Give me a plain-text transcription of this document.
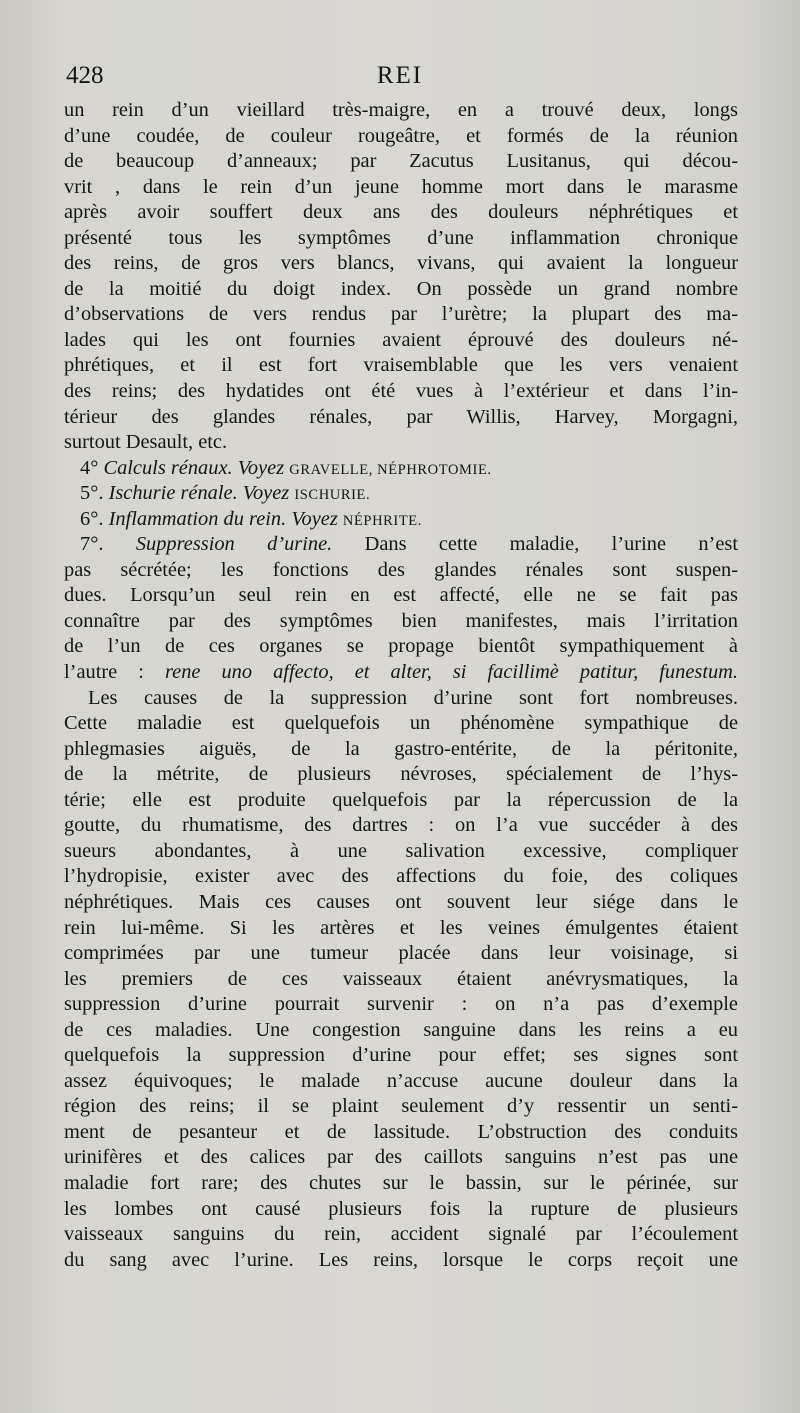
428	REI
un rein d’un vieillard très-maigre, en a trouvé deux, longs
d’une coudée, de couleur rougeâtre, et formés de la réunion
de beaucoup d’anneaux; par Zacutus Lusitanus, qui décou-
vrit , dans le rein d’un jeune homme mort dans le marasme
après avoir souffert deux ans des douleurs néphrétiques et
présenté tous les symptômes d’une inflammation chronique
des reins, de gros vers blancs, vivans, qui avaient la longueur
de la moitié du doigt index. On possède un grand nombre
d’observations de vers rendus par l’urètre; la plupart des ma-
lades qui les ont fournies avaient éprouvé des douleurs né-
phrétiques, et il est fort vraisemblable que les vers venaient
des reins; des hydatides ont été vues à l’extérieur et dans l’in-
térieur des glandes rénales, par Willis, Harvey, Morgagni,
surtout Desault, etc.
4° Calculs rénaux. Voyez GRAVELLE, NÉPHROTOMIE.
5°. Ischurie rénale. Voyez ISCHURIE.
6°. Inflammation du rein. Voyez NÉPHRITE.
7°. Suppression d’urine. Dans cette maladie, l’urine n’est
pas sécrétée; les fonctions des glandes rénales sont suspen-
dues. Lorsqu’un seul rein en est affecté, elle ne se fait pas
connaître par des symptômes bien manifestes, mais l’irritation
de l’un de ces organes se propage bientôt sympathiquement à
l’autre : rene uno affecto, et alter, si facillimè patitur, funestum.
Les causes de la suppression d’urine sont fort nombreuses.
Cette maladie est quelquefois un phénomène sympathique de
phlegmasies aiguës, de la gastro-entérite, de la péritonite,
de la métrite, de plusieurs névroses, spécialement de l’hys-
térie; elle est produite quelquefois par la répercussion de la
goutte, du rhumatisme, des dartres : on l’a vue succéder à des
sueurs abondantes, à une salivation excessive, compliquer
l’hydropisie, exister avec des affections du foie, des coliques
néphrétiques. Mais ces causes ont souvent leur siége dans le
rein lui-même. Si les artères et les veines émulgentes étaient
comprimées par une tumeur placée dans leur voisinage, si
les premiers de ces vaisseaux étaient anévrysmatiques, la
suppression d’urine pourrait survenir : on n’a pas d’exemple
de ces maladies. Une congestion sanguine dans les reins a eu
quelquefois la suppression d’urine pour effet; ses signes sont
assez équivoques; le malade n’accuse aucune douleur dans la
région des reins; il se plaint seulement d’y ressentir un senti-
ment de pesanteur et de lassitude. L’obstruction des conduits
urinifères et des calices par des caillots sanguins n’est pas une
maladie fort rare; des chutes sur le bassin, sur le périnée, sur
les lombes ont causé plusieurs fois la rupture de plusieurs
vaisseaux sanguins du rein, accident signalé par l’écoulement
du sang avec l’urine. Les reins, lorsque le corps reçoit une
